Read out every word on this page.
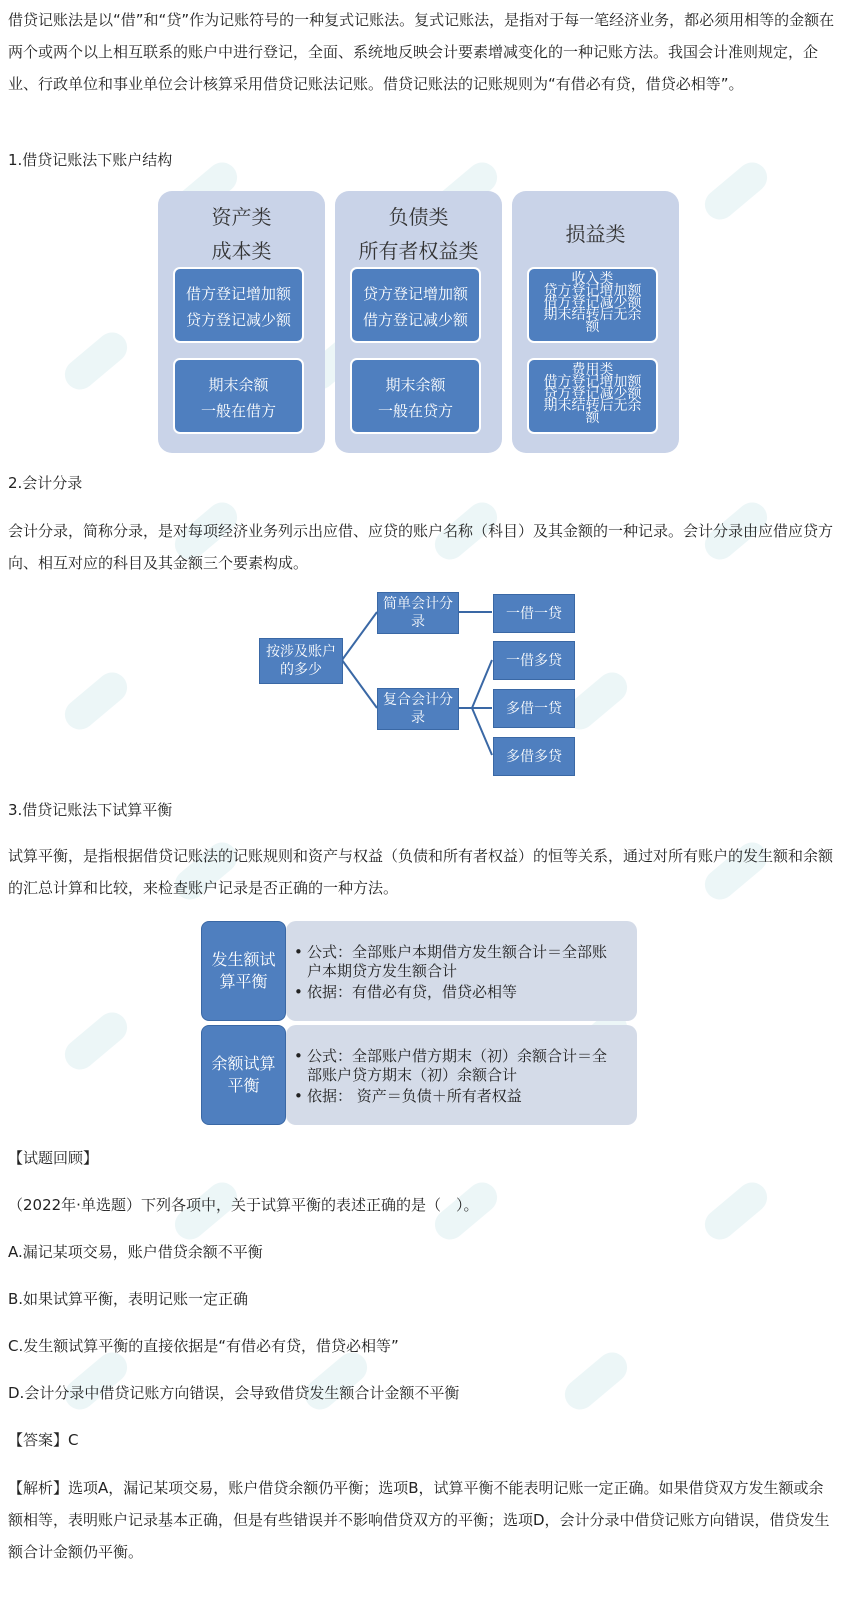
借贷记账法是以“借”和“贷”作为记账符号的一种复式记账法。复式记账法，是指对于每一笔经济业务，都必须用相等的金额在两个或两个以上相互联系的账户中进行登记，全面、系统地反映会计要素增减变化的一种记账方法。我国会计准则规定，企业、行政单位和事业单位会计核算采用借贷记账法记账。借贷记账法的记账规则为“有借必有贷，借贷必相等”。

1.借贷记账法下账户结构

资产类
成本类
借方登记增加额
贷方登记减少额
期末余额
一般在借方
负债类
所有者权益类
贷方登记增加额
借方登记减少额
期末余额
一般在贷方
损益类
收入类
贷方登记增加额
借方登记减少额
期末结转后无余
额
费用类
借方登记增加额
贷方登记减少额
期末结转后无余
额

2.会计分录

会计分录，简称分录，是对每项经济业务列示出应借、应贷的账户名称（科目）及其金额的一种记录。会计分录由应借应贷方向、相互对应的科目及其金额三个要素构成。

按涉及账户
的多少
简单会计分
录
复合会计分
录
一借一贷
一借多贷
多借一贷
多借多贷

3.借贷记账法下试算平衡

试算平衡，是指根据借贷记账法的记账规则和资产与权益（负债和所有者权益）的恒等关系，通过对所有账户的发生额和余额的汇总计算和比较，来检查账户记录是否正确的一种方法。

发生额试
算平衡
• 公式：全部账户本期借方发生额合计＝全部账
户本期贷方发生额合计
• 依据：有借必有贷，借贷必相等
余额试算
平衡
• 公式：全部账户借方期末（初）余额合计＝全
部账户贷方期末（初）余额合计
• 依据： 资产＝负债＋所有者权益

【试题回顾】

（2022年·单选题）下列各项中，关于试算平衡的表述正确的是（　）。

A.漏记某项交易，账户借贷余额不平衡

B.如果试算平衡，表明记账一定正确

C.发生额试算平衡的直接依据是“有借必有贷，借贷必相等”

D.会计分录中借贷记账方向错误，会导致借贷发生额合计金额不平衡

【答案】C

【解析】选项A，漏记某项交易，账户借贷余额仍平衡；选项B，试算平衡不能表明记账一定正确。如果借贷双方发生额或余额相等，表明账户记录基本正确，但是有些错误并不影响借贷双方的平衡；选项D，会计分录中借贷记账方向错误，借贷发生额合计金额仍平衡。
